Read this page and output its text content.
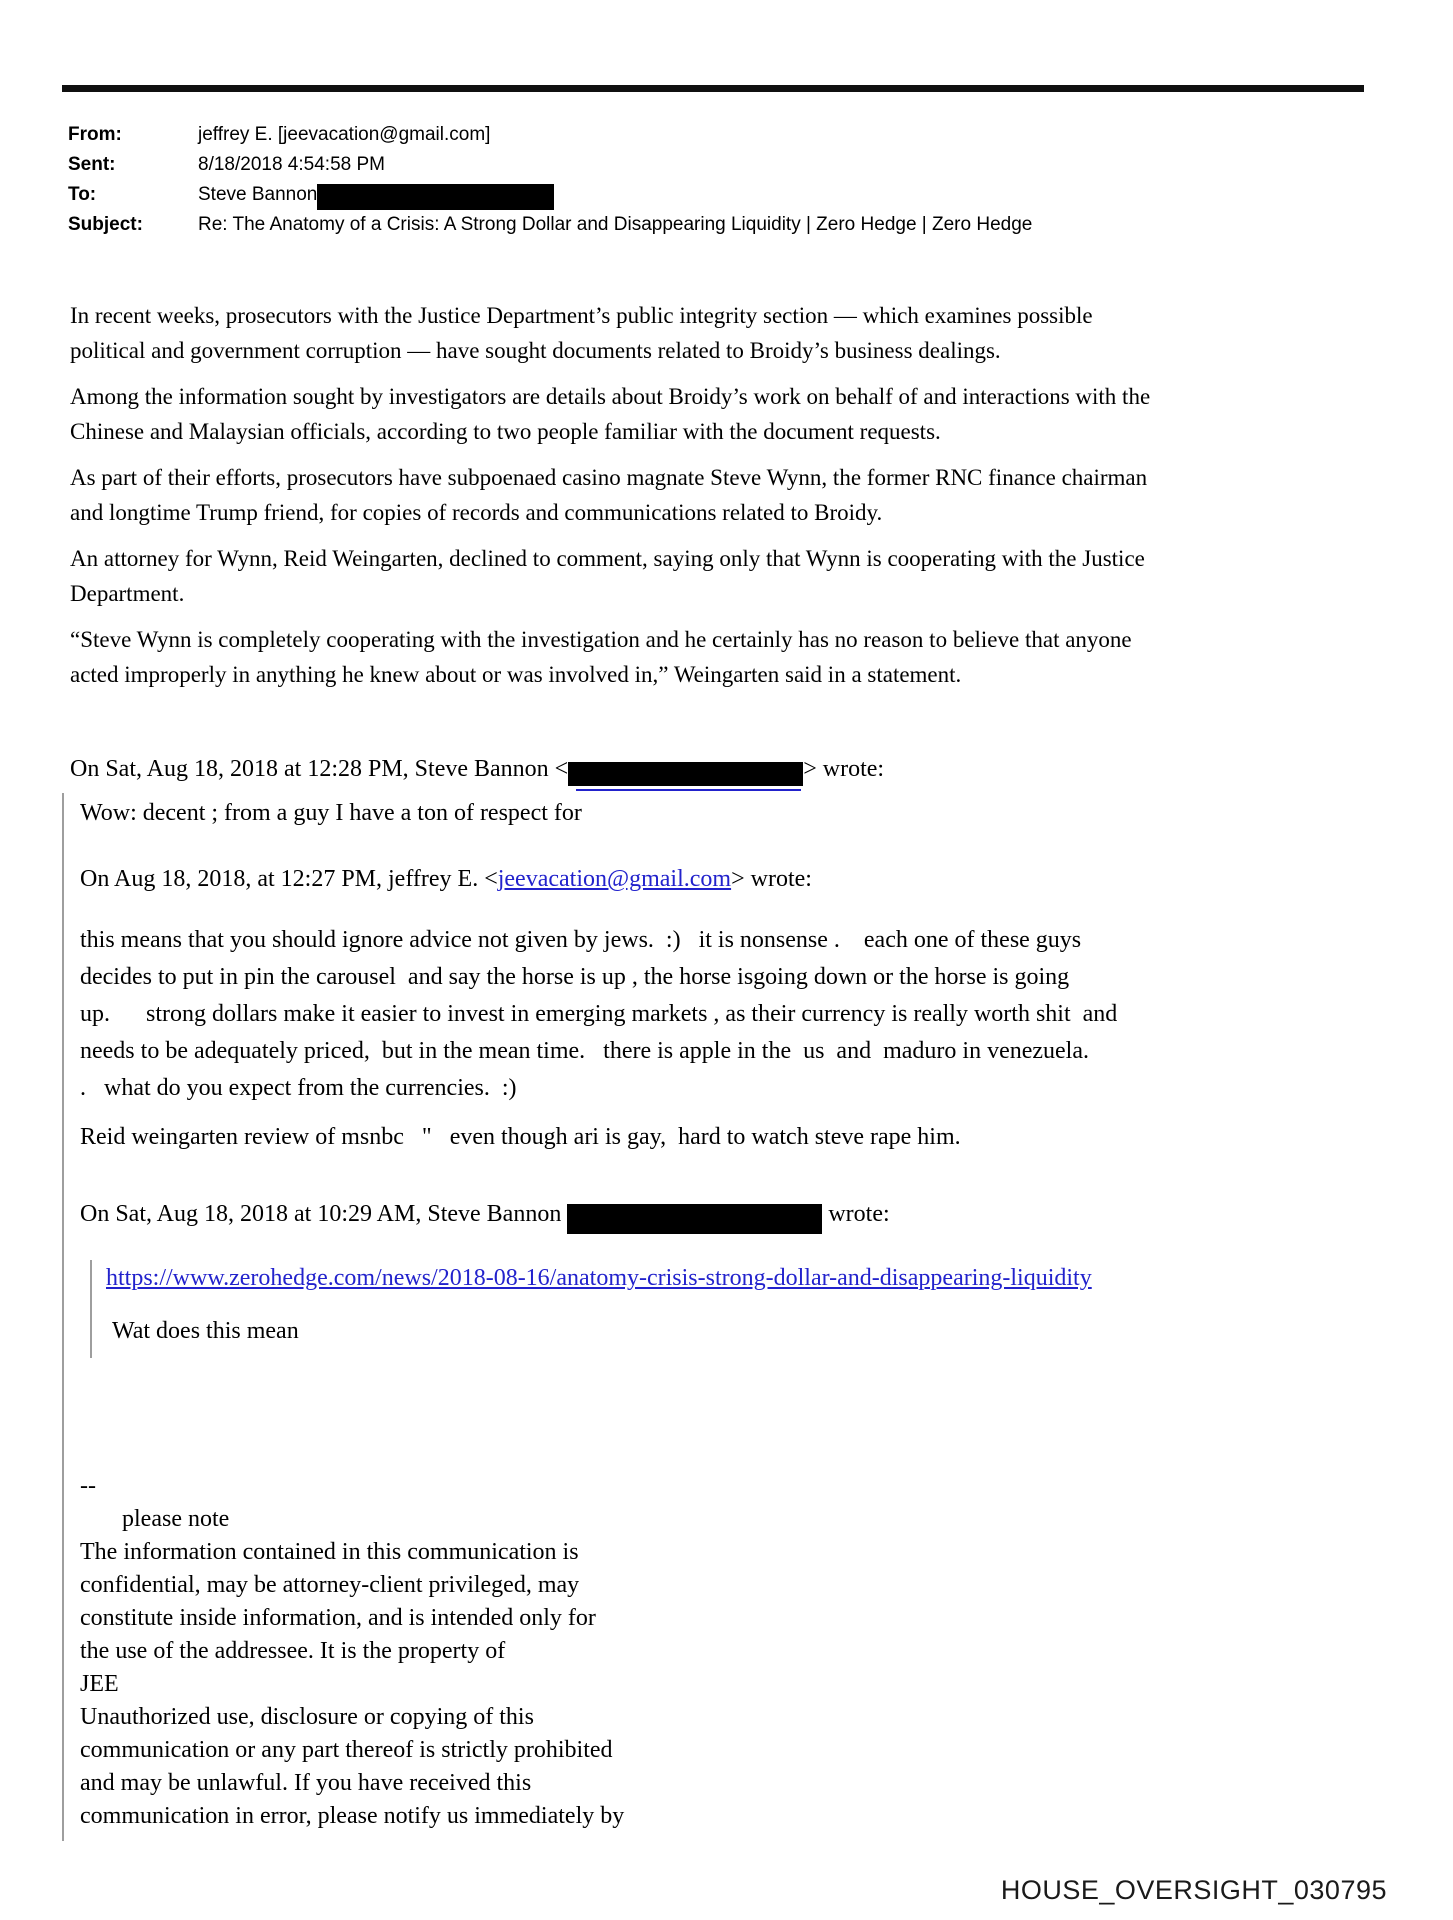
From:	jeffrey E. [jeevacation@gmail.com]
Sent:	8/18/2018 4:54:58 PM
To:	Steve Bannon
Subject:	Re: The Anatomy of a Crisis: A Strong Dollar and Disappearing Liquidity | Zero Hedge | Zero Hedge

In recent weeks, prosecutors with the Justice Department’s public integrity section — which examines possible political and government corruption — have sought documents related to Broidy’s business dealings.

Among the information sought by investigators are details about Broidy’s work on behalf of and interactions with the Chinese and Malaysian officials, according to two people familiar with the document requests.

As part of their efforts, prosecutors have subpoenaed casino magnate Steve Wynn, the former RNC finance chairman and longtime Trump friend, for copies of records and communications related to Broidy.

An attorney for Wynn, Reid Weingarten, declined to comment, saying only that Wynn is cooperating with the Justice Department.

“Steve Wynn is completely cooperating with the investigation and he certainly has no reason to believe that anyone acted improperly in anything he knew about or was involved in,” Weingarten said in a statement.

On Sat, Aug 18, 2018 at 12:28 PM, Steve Bannon <	> wrote:
Wow: decent ; from a guy I have a ton of respect for
On Aug 18, 2018, at 12:27 PM, jeffrey E. <jeevacation@gmail.com> wrote:
this means that you should ignore advice not given by jews.  :)   it is nonsense .    each one of these guys
decides to put in pin the carousel  and say the horse is up , the horse isgoing down or the horse is going
up.      strong dollars make it easier to invest in emerging markets , as their currency is really worth shit  and
needs to be adequately priced,  but in the mean time.   there is apple in the  us  and  maduro in venezuela.
.   what do you expect from the currencies.  :)
Reid weingarten review of msnbc   "   even though ari is gay,  hard to watch steve rape him.
On Sat, Aug 18, 2018 at 10:29 AM, Steve Bannon	wrote:
https://www.zerohedge.com/news/2018-08-16/anatomy-crisis-strong-dollar-and-disappearing-liquidity
Wat does this mean
--
please note
The information contained in this communication is
confidential, may be attorney-client privileged, may
constitute inside information, and is intended only for
the use of the addressee. It is the property of
JEE
Unauthorized use, disclosure or copying of this
communication or any part thereof is strictly prohibited
and may be unlawful. If you have received this
communication in error, please notify us immediately by
HOUSE_OVERSIGHT_030795
